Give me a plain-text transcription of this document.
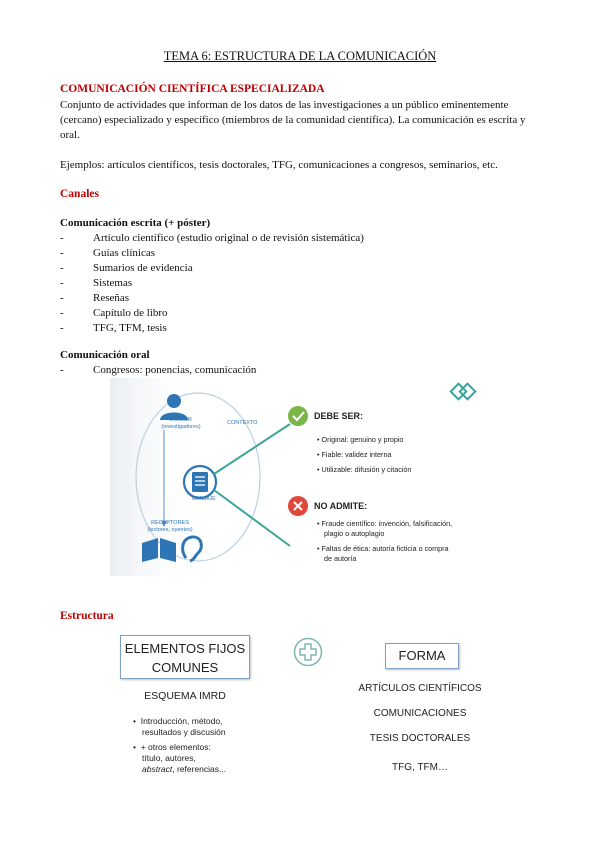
TEMA 6: ESTRUCTURA DE LA COMUNICACIÓN
COMUNICACIÓN CIENTÍFICA ESPECIALIZADA
Conjunto de actividades que informan de los datos de las investigaciones a un público eminentemente
(cercano) especializado y específico (miembros de la comunidad científica). La comunicación es escrita y
oral.
Ejemplos: artículos científicos, tesis doctorales, TFG, comunicaciones a congresos, seminarios, etc.
Canales
Comunicación escrita (+ póster)
-	Artículo científico (estudio original o de revisión sistemática)
-	Guías clínicas
-	Sumarios de evidencia
-	Sistemas
-	Reseñas
-	Capítulo de libro
-	TFG, TFM, tesis
Comunicación oral
-	Congresos: ponencias, comunicación
EMISOR
(investigadores)
CONTEXTO
MENSAJE
RECEPTORES
(lectores, oyentes)
DEBE SER:
• Original: genuino y propio
• Fiable: validez interna
• Utilizable: difusión y citación
NO ADMITE:
• Fraude científico: invención, falsificación,
plagio o autoplagio
• Faltas de ética: autoría ficticia o compra
de autoría
Estructura
ELEMENTOS FIJOS
COMUNES
ESQUEMA IMRD
•  Introducción, método,
resultados y discusión
•  + otros elementos:
título, autores,
abstract, referencias...
FORMA
ARTÍCULOS CIENTÍFICOS
COMUNICACIONES
TESIS DOCTORALES
TFG, TFM…
